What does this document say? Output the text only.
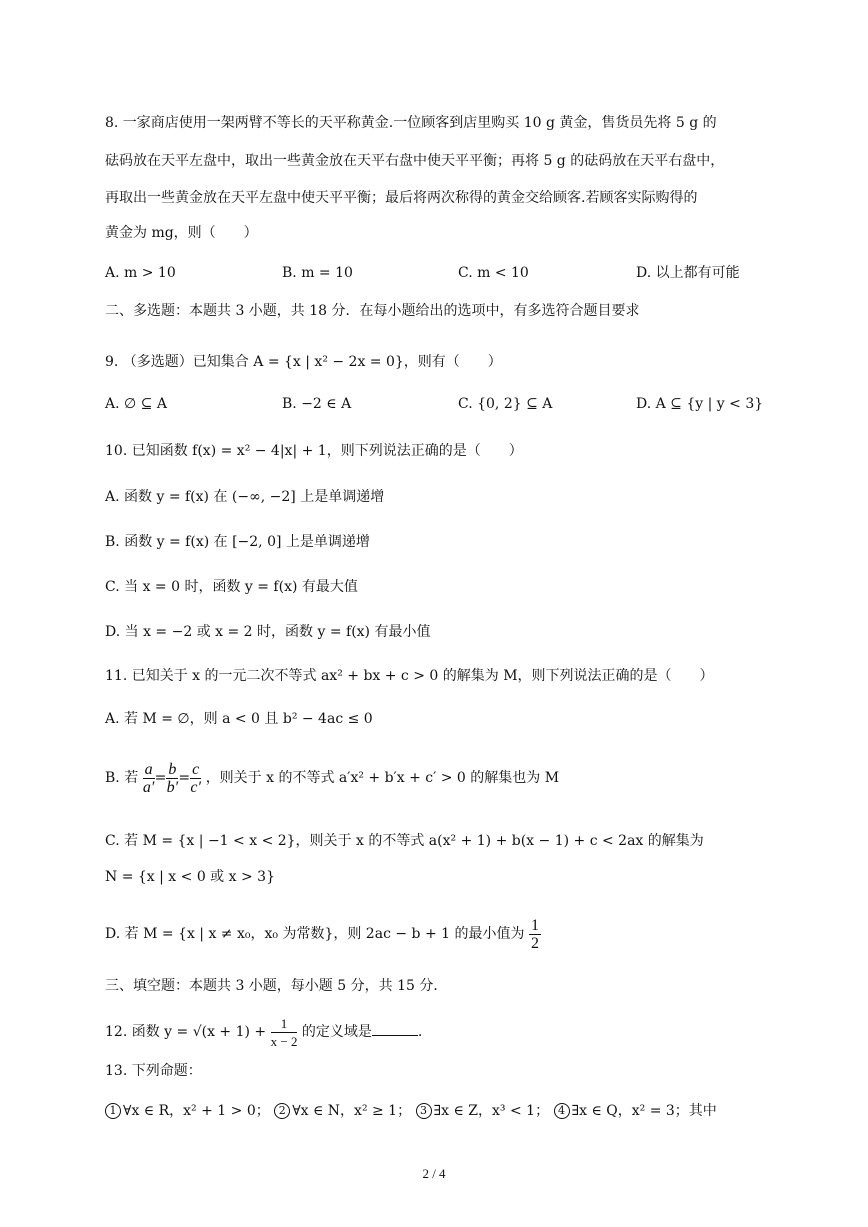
8. 一家商店使用一架两臂不等长的天平称黄金.一位顾客到店里购买 10 g 黄金，售货员先将 5 g 的
砝码放在天平左盘中，取出一些黄金放在天平右盘中使天平平衡；再将 5 g 的砝码放在天平右盘中，
再取出一些黄金放在天平左盘中使天平平衡；最后将两次称得的黄金交给顾客.若顾客实际购得的
黄金为 mg，则（　　）
A. m > 10	B. m = 10	C. m < 10	D. 以上都有可能
二、多选题：本题共 3 小题，共 18 分．在每小题给出的选项中，有多选符合题目要求
9. （多选题）已知集合 A = {x | x² − 2x = 0}，则有（　　）
A. ∅ ⊆ A	B. −2 ∈ A	C. {0, 2} ⊆ A	D. A ⊆ {y | y < 3}
10. 已知函数 f(x) = x² − 4|x| + 1，则下列说法正确的是（　　）
A. 函数 y = f(x) 在 (−∞, −2] 上是单调递增
B. 函数 y = f(x) 在 [−2, 0] 上是单调递增
C. 当 x = 0 时，函数 y = f(x) 有最大值
D. 当 x = −2 或 x = 2 时，函数 y = f(x) 有最小值
11. 已知关于 x 的一元二次不等式 ax² + bx + c > 0 的解集为 M，则下列说法正确的是（　　）
A. 若 M = ∅，则 a < 0 且 b² − 4ac ≤ 0
B. 若 $\frac{a}{a'} = \frac{b}{b'} = \frac{c}{c'}$ ，则关于 x 的不等式 a′x² + b′x + c′ > 0 的解集也为 M
C. 若 M = {x | −1 < x < 2}，则关于 x 的不等式 a(x² + 1) + b(x − 1) + c < 2ax 的解集为
N = {x | x < 0 或 x > 3}
D. 若 M = {x | x ≠ x₀，x₀ 为常数}，则 2ac − b + 1 的最小值为 $\frac{1}{2}$
三、填空题：本题共 3 小题，每小题 5 分，共 15 分．
12. 函数 $y = √(x + 1) + \frac{1}{x - 2}$ 的定义域是	.
13. 下列命题：
1 ∀x ∈ R，x² + 1 > 0； 2 ∀x ∈ N，x² ≥ 1； 3 ∃x ∈ Z，x³ < 1； 4 ∃x ∈ Q，x² = 3；其中
2 / 4
